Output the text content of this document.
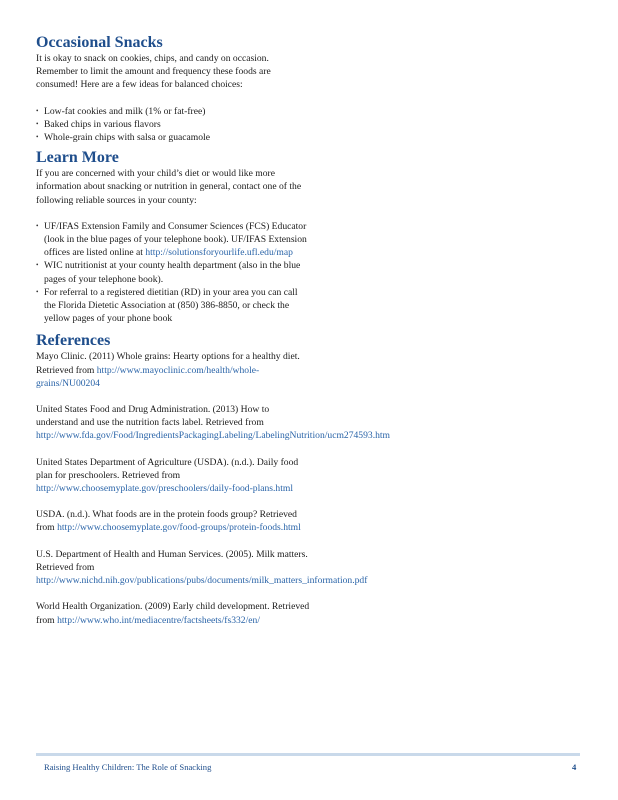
Occasional Snacks

It is okay to snack on cookies, chips, and candy on occasion. Remember to limit the amount and frequency these foods are consumed! Here are a few ideas for balanced choices:

• Low-fat cookies and milk (1% or fat-free)
• Baked chips in various flavors
• Whole-grain chips with salsa or guacamole
Learn More

If you are concerned with your child’s diet or would like more information about snacking or nutrition in general, contact one of the following reliable sources in your county:

• UF/IFAS Extension Family and Consumer Sciences (FCS) Educator (look in the blue pages of your telephone book). UF/IFAS Extension offices are listed online at http://solutionsforyourlife.ufl.edu/map
• WIC nutritionist at your county health department (also in the blue pages of your telephone book).
• For referral to a registered dietitian (RD) in your area you can call the Florida Dietetic Association at (850) 386-8850, or check the yellow pages of your phone book
References

Mayo Clinic. (2011) Whole grains: Hearty options for a healthy diet. Retrieved from http://www.mayoclinic.com/health/whole-grains/NU00204

United States Food and Drug Administration. (2013) How to understand and use the nutrition facts label. Retrieved from http://www.fda.gov/Food/IngredientsPackagingLabeling/LabelingNutrition/ucm274593.htm

United States Department of Agriculture (USDA). (n.d.). Daily food plan for preschoolers. Retrieved from http://www.choosemyplate.gov/preschoolers/daily-food-plans.html

USDA. (n.d.). What foods are in the protein foods group? Retrieved from http://www.choosemyplate.gov/food-groups/protein-foods.html

U.S. Department of Health and Human Services. (2005). Milk matters. Retrieved from http://www.nichd.nih.gov/publications/pubs/documents/milk_matters_information.pdf

World Health Organization. (2009) Early child development. Retrieved from http://www.who.int/mediacentre/factsheets/fs332/en/

Raising Healthy Children: The Role of Snacking	4
